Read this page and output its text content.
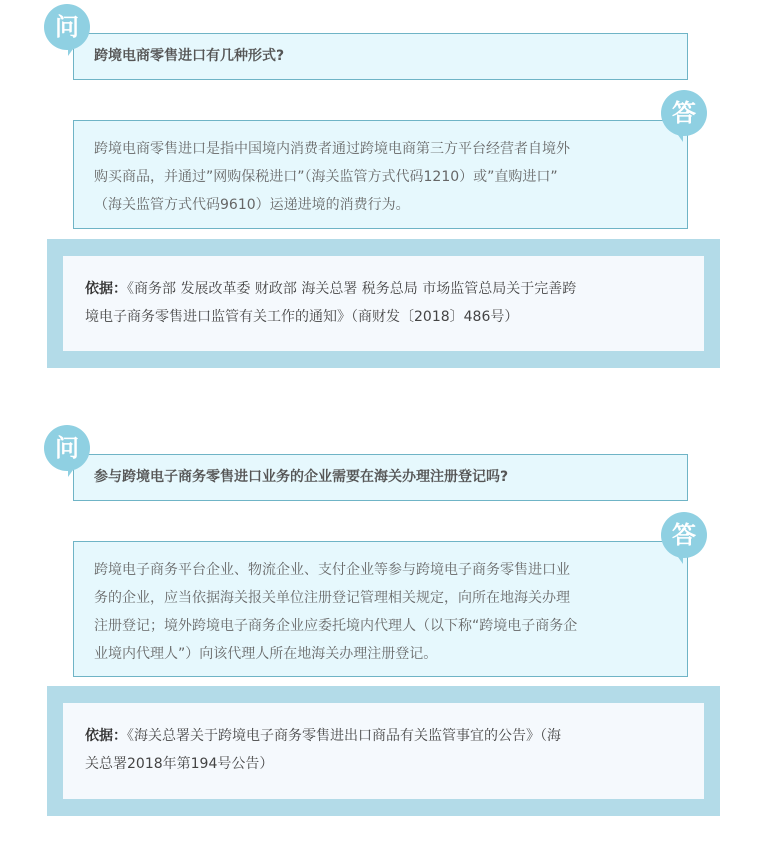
跨境电商零售进口有几种形式?
问
跨境电商零售进口是指中国境内消费者通过跨境电商第三方平台经营者自境外
购买商品，并通过”网购保税进口”（海关监管方式代码1210）或”直购进口”
（海关监管方式代码9610）运递进境的消费行为。
答
依据：《商务部 发展改革委 财政部 海关总署 税务总局 市场监管总局关于完善跨
境电子商务零售进口监管有关工作的通知》（商财发〔2018〕486号）
参与跨境电子商务零售进口业务的企业需要在海关办理注册登记吗?
问
跨境电子商务平台企业、物流企业、支付企业等参与跨境电子商务零售进口业
务的企业，应当依据海关报关单位注册登记管理相关规定，向所在地海关办理
注册登记；境外跨境电子商务企业应委托境内代理人（以下称“跨境电子商务企
业境内代理人”）向该代理人所在地海关办理注册登记。
答
依据：《海关总署关于跨境电子商务零售进出口商品有关监管事宜的公告》（海
关总署2018年第194号公告）
